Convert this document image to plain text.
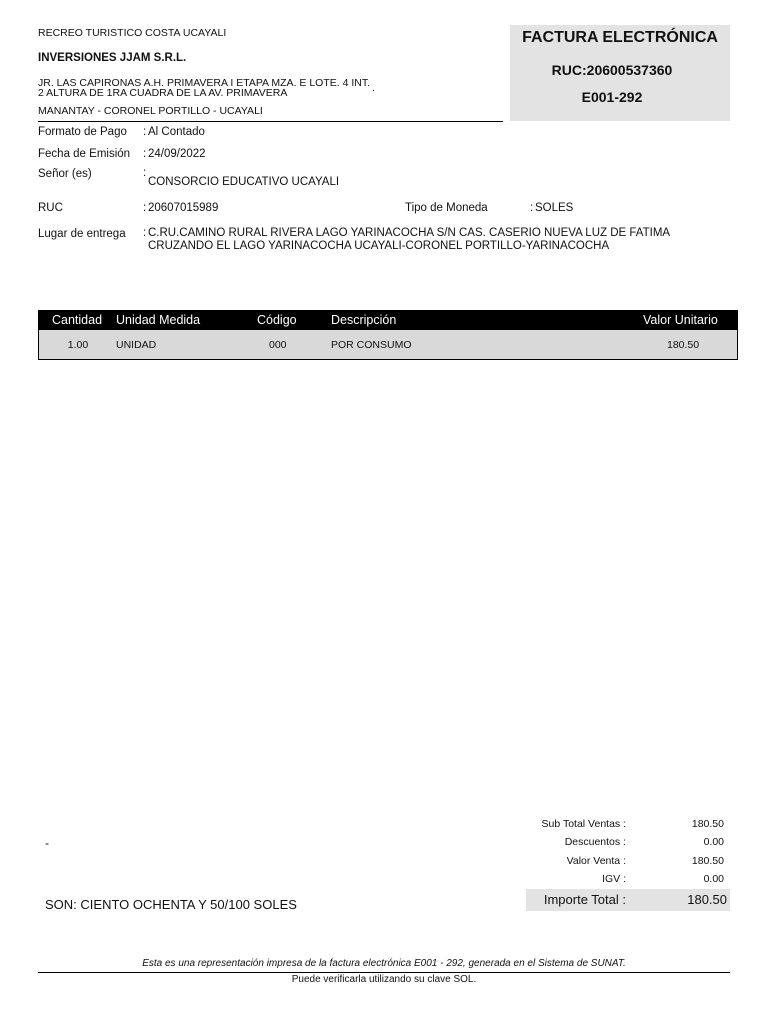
RECREO TURISTICO COSTA UCAYALI
INVERSIONES JJAM S.R.L.
JR. LAS CAPIRONAS A.H. PRIMAVERA I ETAPA MZA. E LOTE. 4 INT.
2 ALTURA DE 1RA CUADRA DE LA AV. PRIMAVERA	.
MANANTAY - CORONEL PORTILLO - UCAYALI
FACTURA ELECTRÓNICA
RUC:20600537360
E001-292
Formato de Pago : Al Contado
Fecha de Emisión : 24/09/2022
Señor (es)	:
CONSORCIO EDUCATIVO UCAYALI
RUC	: 20607015989	Tipo de Moneda	: SOLES
Lugar de entrega : C.RU.CAMINO RURAL RIVERA LAGO YARINACOCHA S/N CAS. CASERIO NUEVA LUZ DE FATIMA
CRUZANDO EL LAGO YARINACOCHA UCAYALI-CORONEL PORTILLO-YARINACOCHA
Cantidad Unidad Medida	Código	Descripción	Valor Unitario
1.00	UNIDAD	000	POR CONSUMO	180.50
-
Sub Total Ventas :	180.50
Descuentos :	0.00
Valor Venta :	180.50
IGV :	0.00
Importe Total :	180.50
SON: CIENTO OCHENTA Y 50/100 SOLES
Esta es una representación impresa de la factura electrónica E001 - 292, generada en el Sistema de SUNAT.
Puede verificarla utilizando su clave SOL.
